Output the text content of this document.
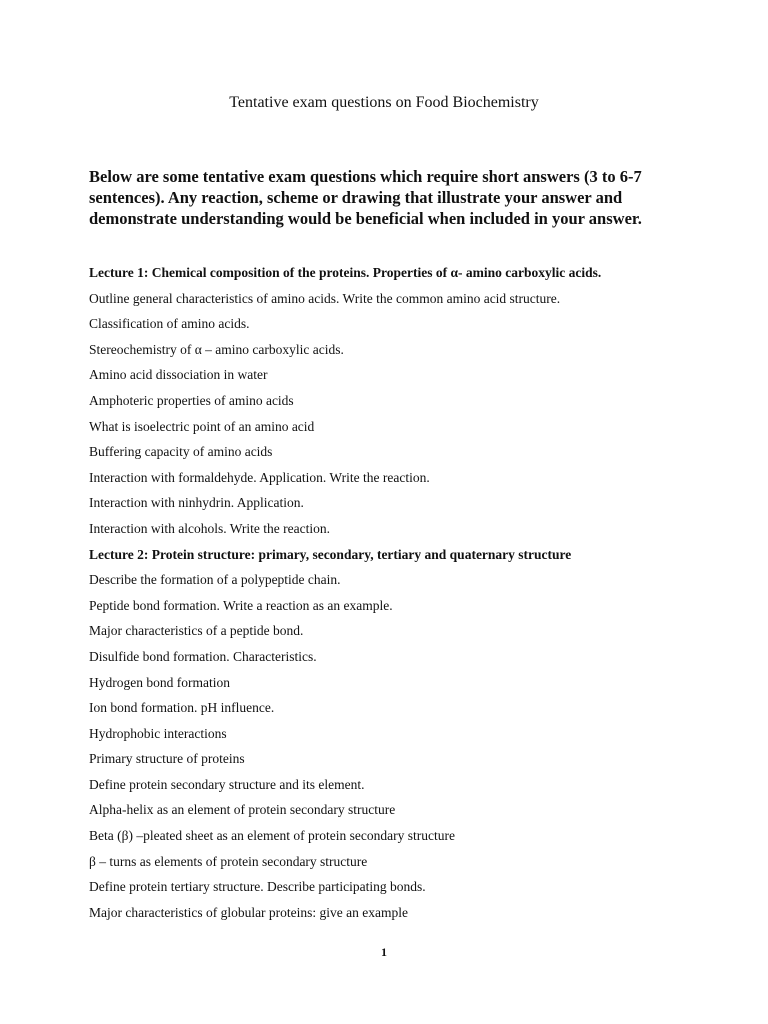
Tentative exam questions on Food Biochemistry
Below are some tentative exam questions which require short answers (3 to 6-7 sentences). Any reaction, scheme or drawing that illustrate your answer and demonstrate understanding would be beneficial when included in your answer.
Lecture 1: Chemical composition of the proteins. Properties of α- amino carboxylic acids.
Outline general characteristics of amino acids. Write the common amino acid structure.
Classification of amino acids.
Stereochemistry of α – amino carboxylic acids.
Amino acid dissociation in water
Amphoteric properties of amino acids
What is isoelectric point of an amino acid
Buffering capacity of amino acids
Interaction with formaldehyde. Application. Write the reaction.
Interaction with ninhydrin. Application.
Interaction with alcohols. Write the reaction.
Lecture 2: Protein structure: primary, secondary, tertiary and quaternary structure
Describe the formation of a polypeptide chain.
Peptide bond formation. Write a reaction as an example.
Major characteristics of a peptide bond.
Disulfide bond formation. Characteristics.
Hydrogen bond formation
Ion bond formation. pH influence.
Hydrophobic interactions
Primary structure of proteins
Define protein secondary structure and its element.
Alpha-helix as an element of protein secondary structure
Beta (β) –pleated sheet as an element of protein secondary structure
β – turns as elements of protein secondary structure
Define protein tertiary structure. Describe participating bonds.
Major characteristics of globular proteins: give an example
1
